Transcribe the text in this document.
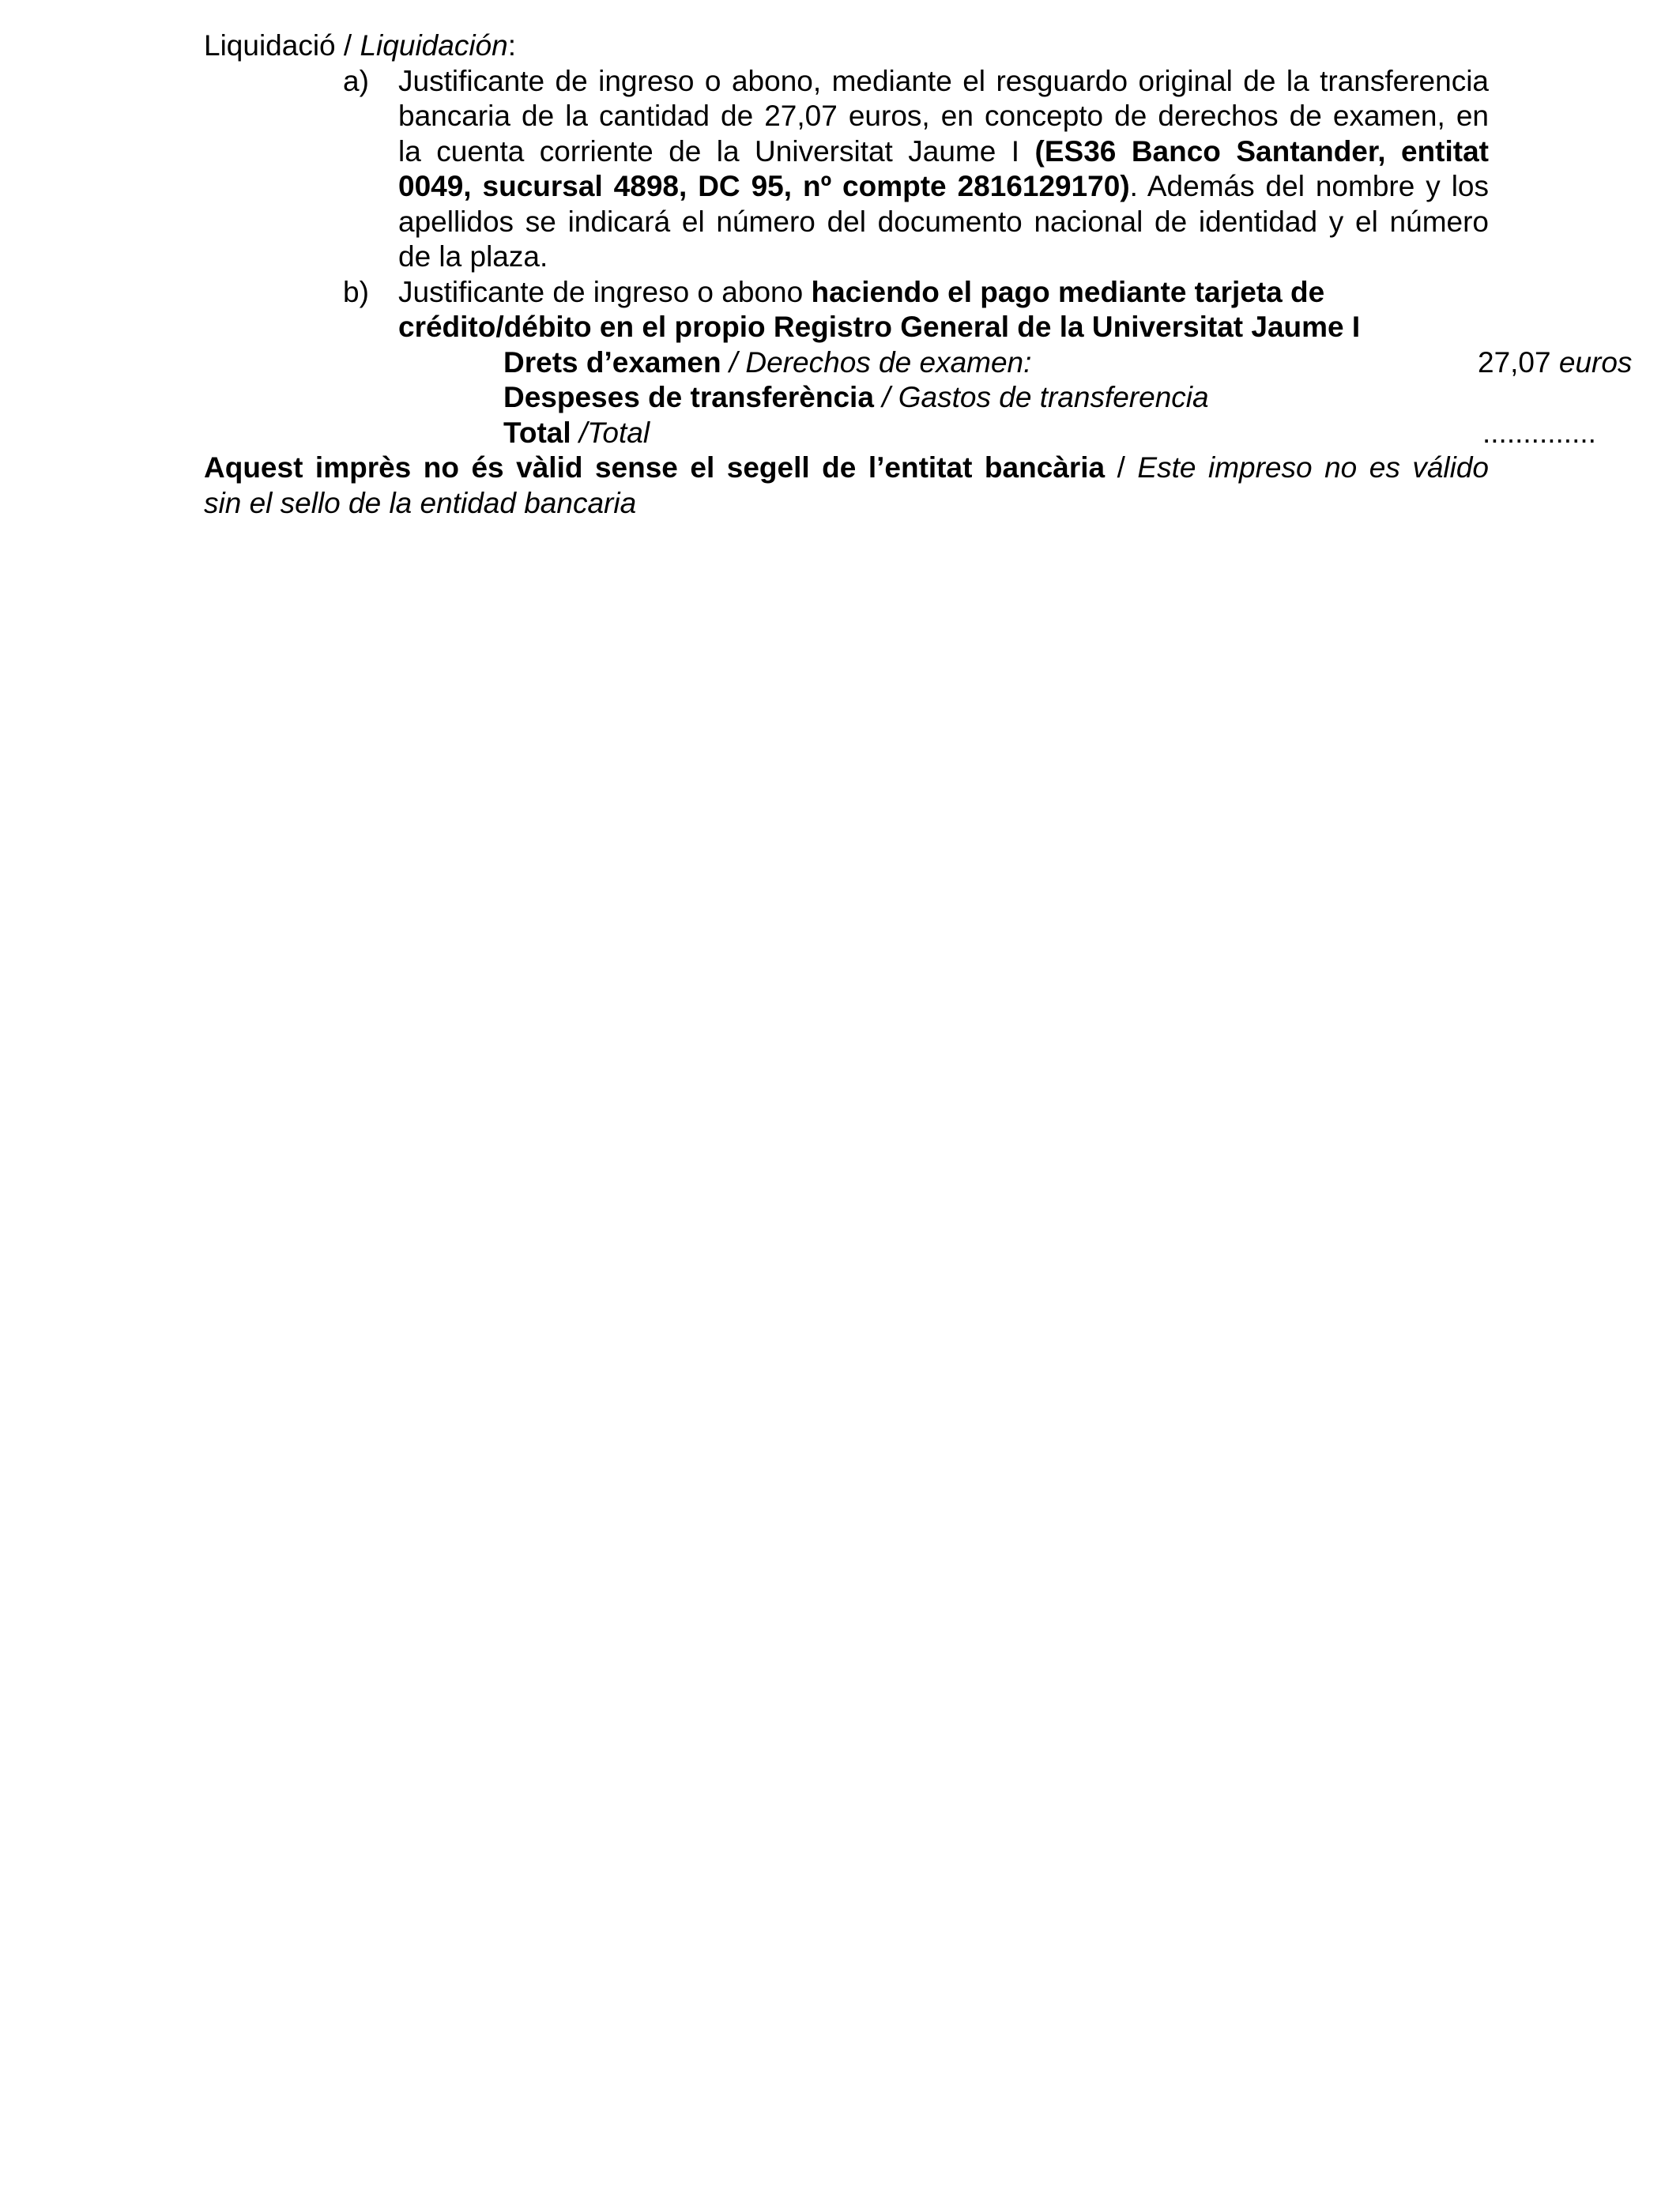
Liquidació / Liquidación:
a) Justificante de ingreso o abono, mediante el resguardo original de la transferencia
bancaria de la cantidad de 27,07 euros, en concepto de derechos de examen, en
la cuenta corriente de la Universitat Jaume I (ES36 Banco Santander, entitat
0049, sucursal 4898, DC 95, nº compte 2816129170). Además del nombre y los
apellidos se indicará el número del documento nacional de identidad y el número
de la plaza.
b) Justificante de ingreso o abono haciendo el pago mediante tarjeta de
crédito/débito en el propio Registro General de la Universitat Jaume I
Drets d’examen / Derechos de examen:	27,07 euros
Despeses de transferència / Gastos de transferencia
Total /Total	..............
Aquest imprès no és vàlid sense el segell de l’entitat bancària / Este impreso no es válido
sin el sello de la entidad bancaria
